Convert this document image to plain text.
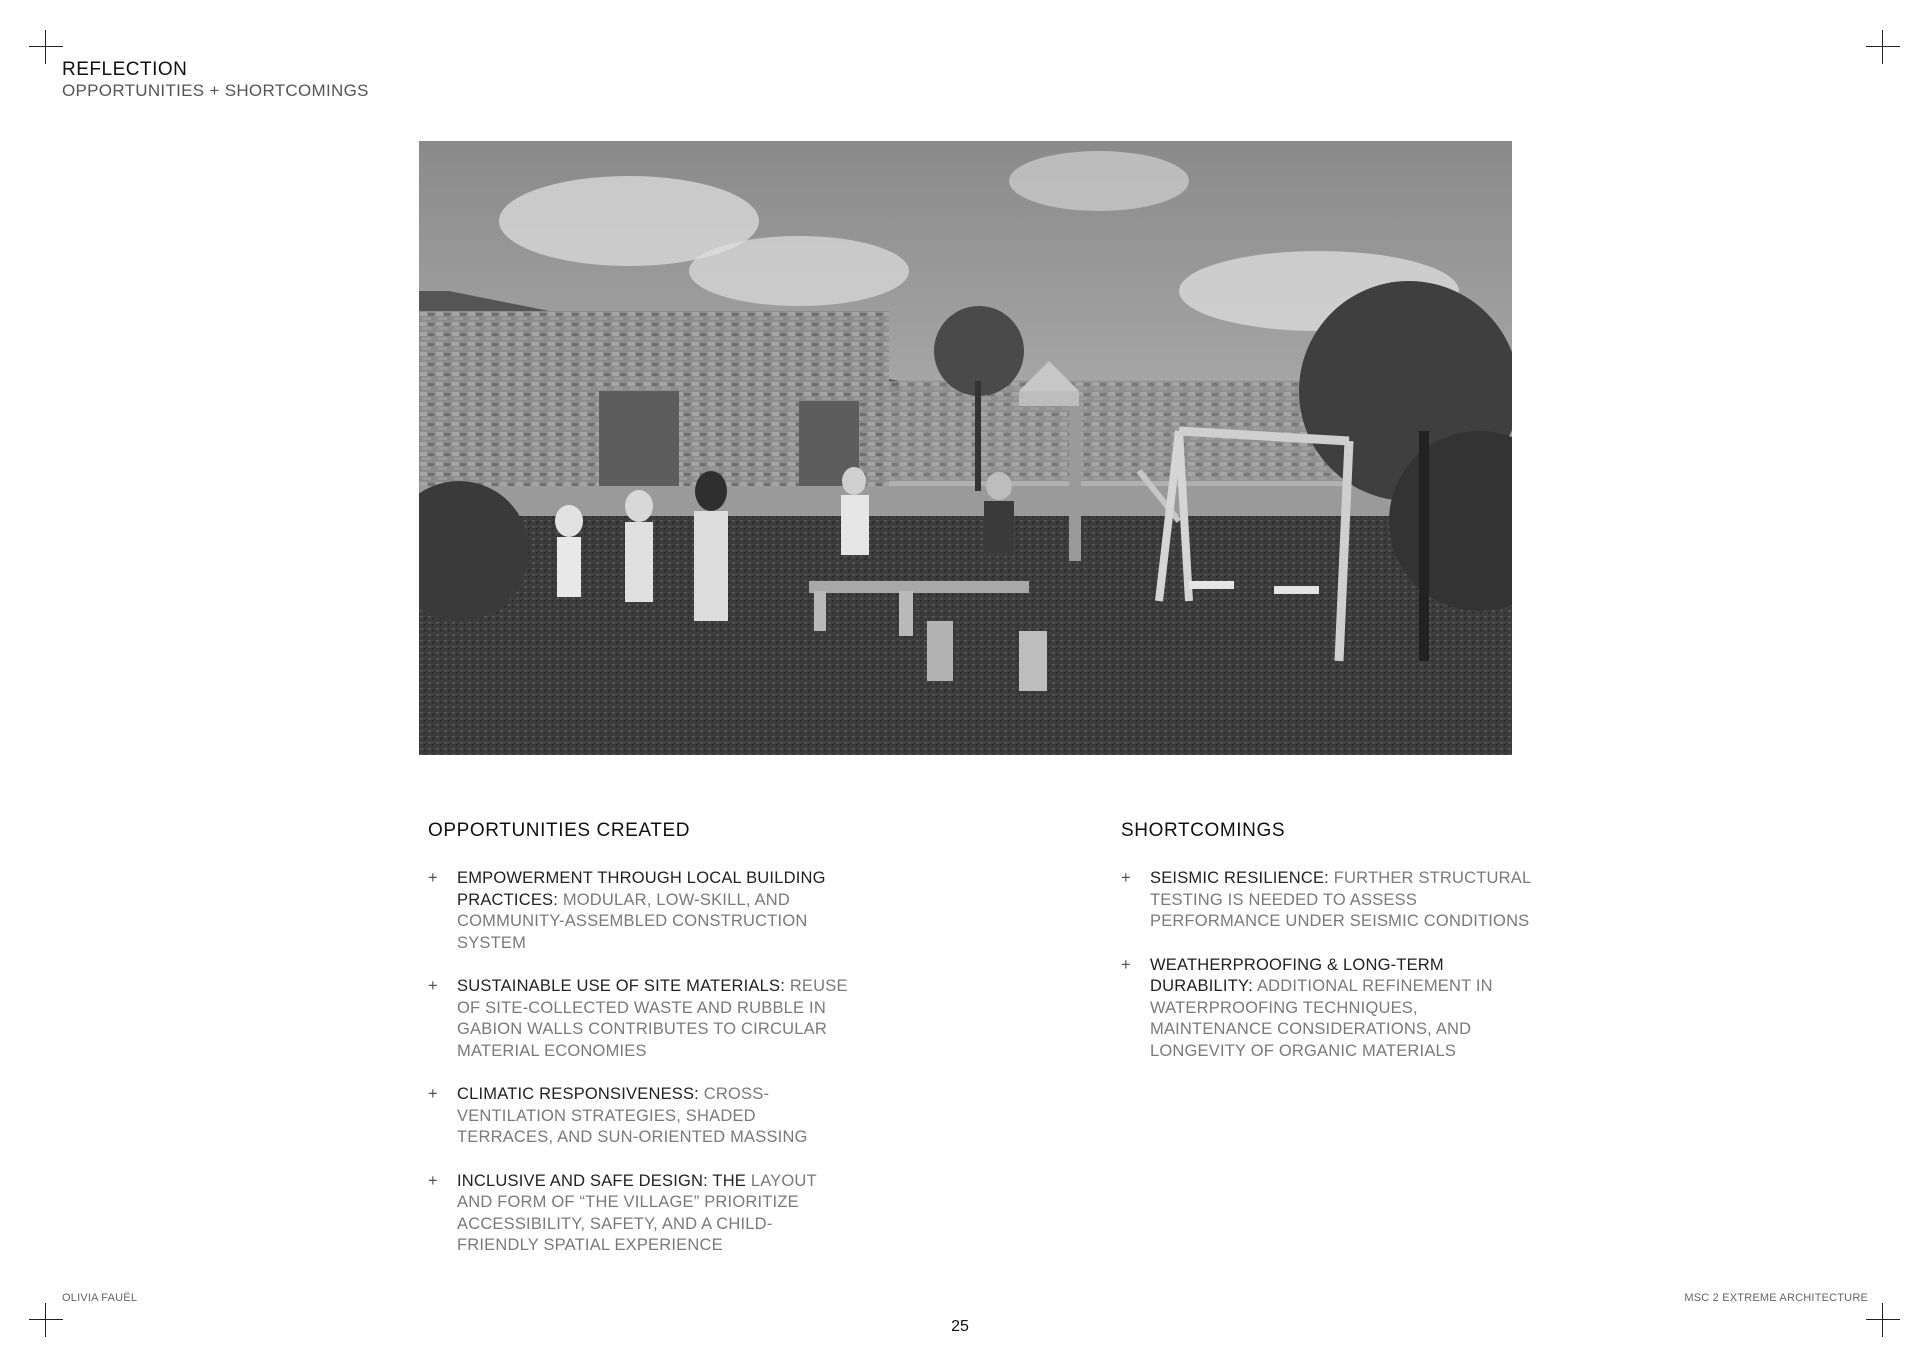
REFLECTION
OPPORTUNITIES + SHORTCOMINGS
OPPORTUNITIES CREATED
+ EMPOWERMENT THROUGH LOCAL BUILDING PRACTICES: MODULAR, LOW-SKILL, AND COMMUNITY-ASSEMBLED CONSTRUCTION SYSTEM
+ SUSTAINABLE USE OF SITE MATERIALS: REUSE OF SITE-COLLECTED WASTE AND RUBBLE IN GABION WALLS CONTRIBUTES TO CIRCULAR MATERIAL ECONOMIES
+ CLIMATIC RESPONSIVENESS: CROSS-VENTILATION STRATEGIES, SHADED TERRACES, AND SUN-ORIENTED MASSING
+ INCLUSIVE AND SAFE DESIGN: THE LAYOUT AND FORM OF “THE VILLAGE” PRIORITIZE ACCESSIBILITY, SAFETY, AND A CHILD-FRIENDLY SPATIAL EXPERIENCE
SHORTCOMINGS
+ SEISMIC RESILIENCE: FURTHER STRUCTURAL TESTING IS NEEDED TO ASSESS PERFORMANCE UNDER SEISMIC CONDITIONS
+ WEATHERPROOFING & LONG-TERM DURABILITY: ADDITIONAL REFINEMENT IN WATERPROOFING TECHNIQUES, MAINTENANCE CONSIDERATIONS, AND LONGEVITY OF ORGANIC MATERIALS
OLIVIA FAUËL	MSC 2 EXTREME ARCHITECTURE
25
